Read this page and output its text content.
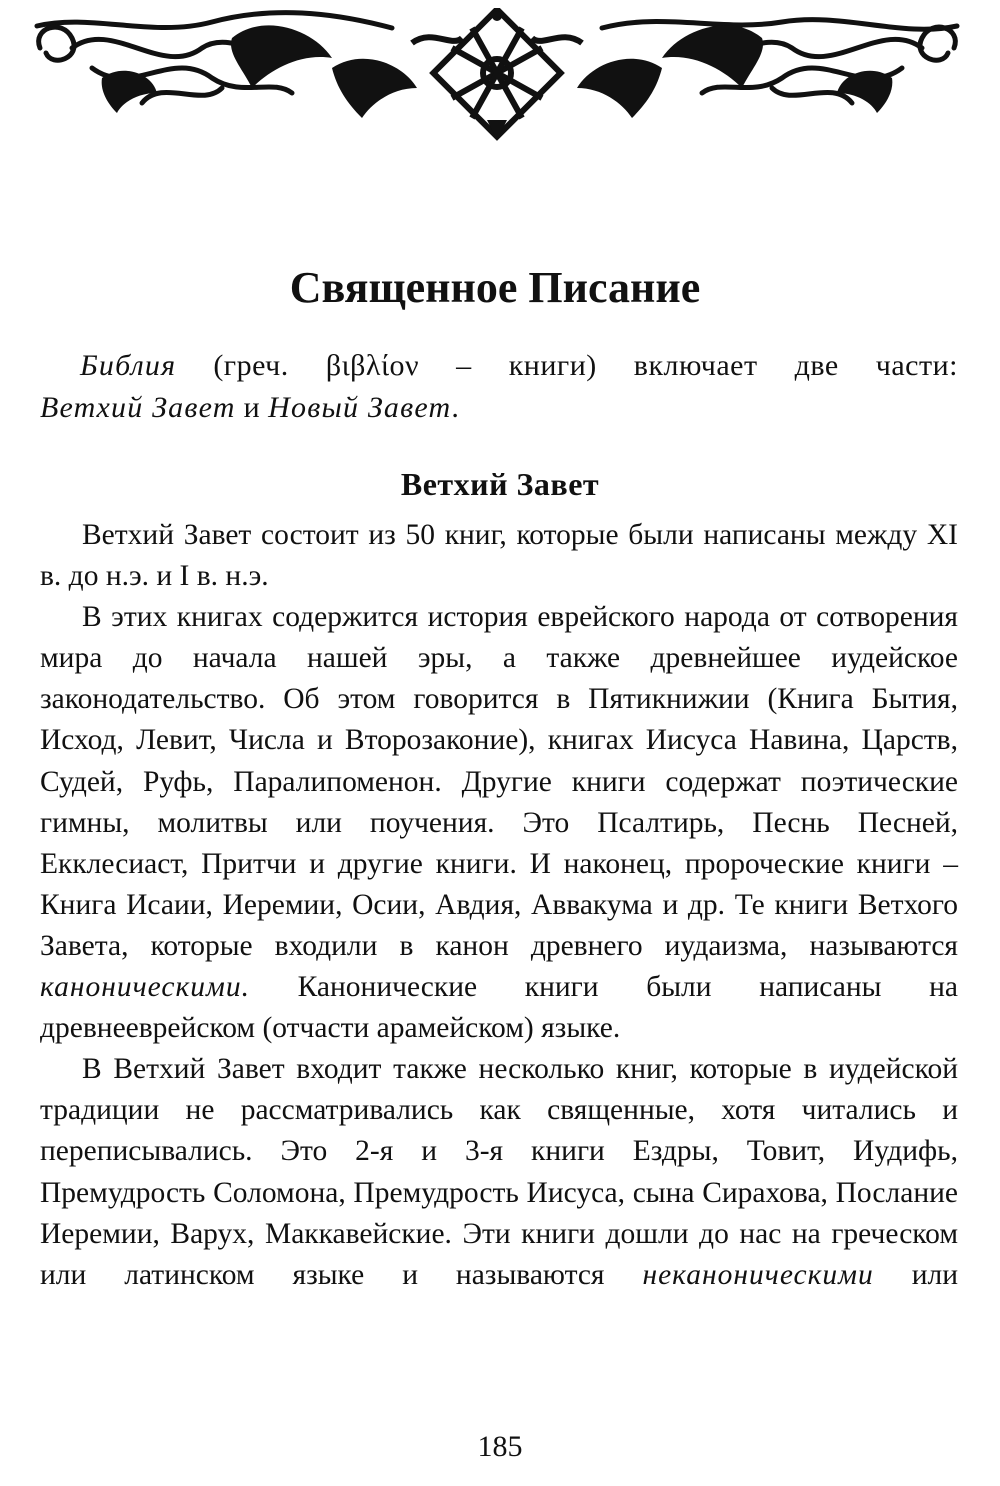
Священное Писание

Библия (греч. βιβλίον – книги) включает две части:
Ветхий Завет и Новый Завет.

Ветхий Завет

Ветхий Завет состоит из 50 книг, которые были написаны между XI в. до н.э. и I в. н.э.

В этих книгах содержится история еврейского народа от сотворения мира до начала нашей эры, а также древнейшее иудейское законодательство. Об этом говорится в Пятикнижии (Книга Бытия, Исход, Левит, Числа и Второзаконие), книгах Иисуса Навина, Царств, Судей, Руфь, Паралипоменон. Другие книги содержат поэтические гимны, молитвы или поучения. Это Псалтирь, Песнь Песней, Екклесиаст, Притчи и другие книги. И наконец, пророческие книги – Книга Исаии, Иеремии, Осии, Авдия, Аввакума и др. Те книги Ветхого Завета, которые входили в канон древнего иудаизма, называются каноническими. Канонические книги были написаны на древнееврейском (отчасти арамейском) языке.

В Ветхий Завет входит также несколько книг, которые в иудейской традиции не рассматривались как священные, хотя читались и переписывались. Это 2-я и 3-я книги Ездры, Товит, Иудифь, Премудрость Соломона, Премудрость Иисуса, сына Сирахова, Послание Иеремии, Варух, Маккавейские. Эти книги дошли до нас на греческом или латинском языке и называются неканоническими или

185
